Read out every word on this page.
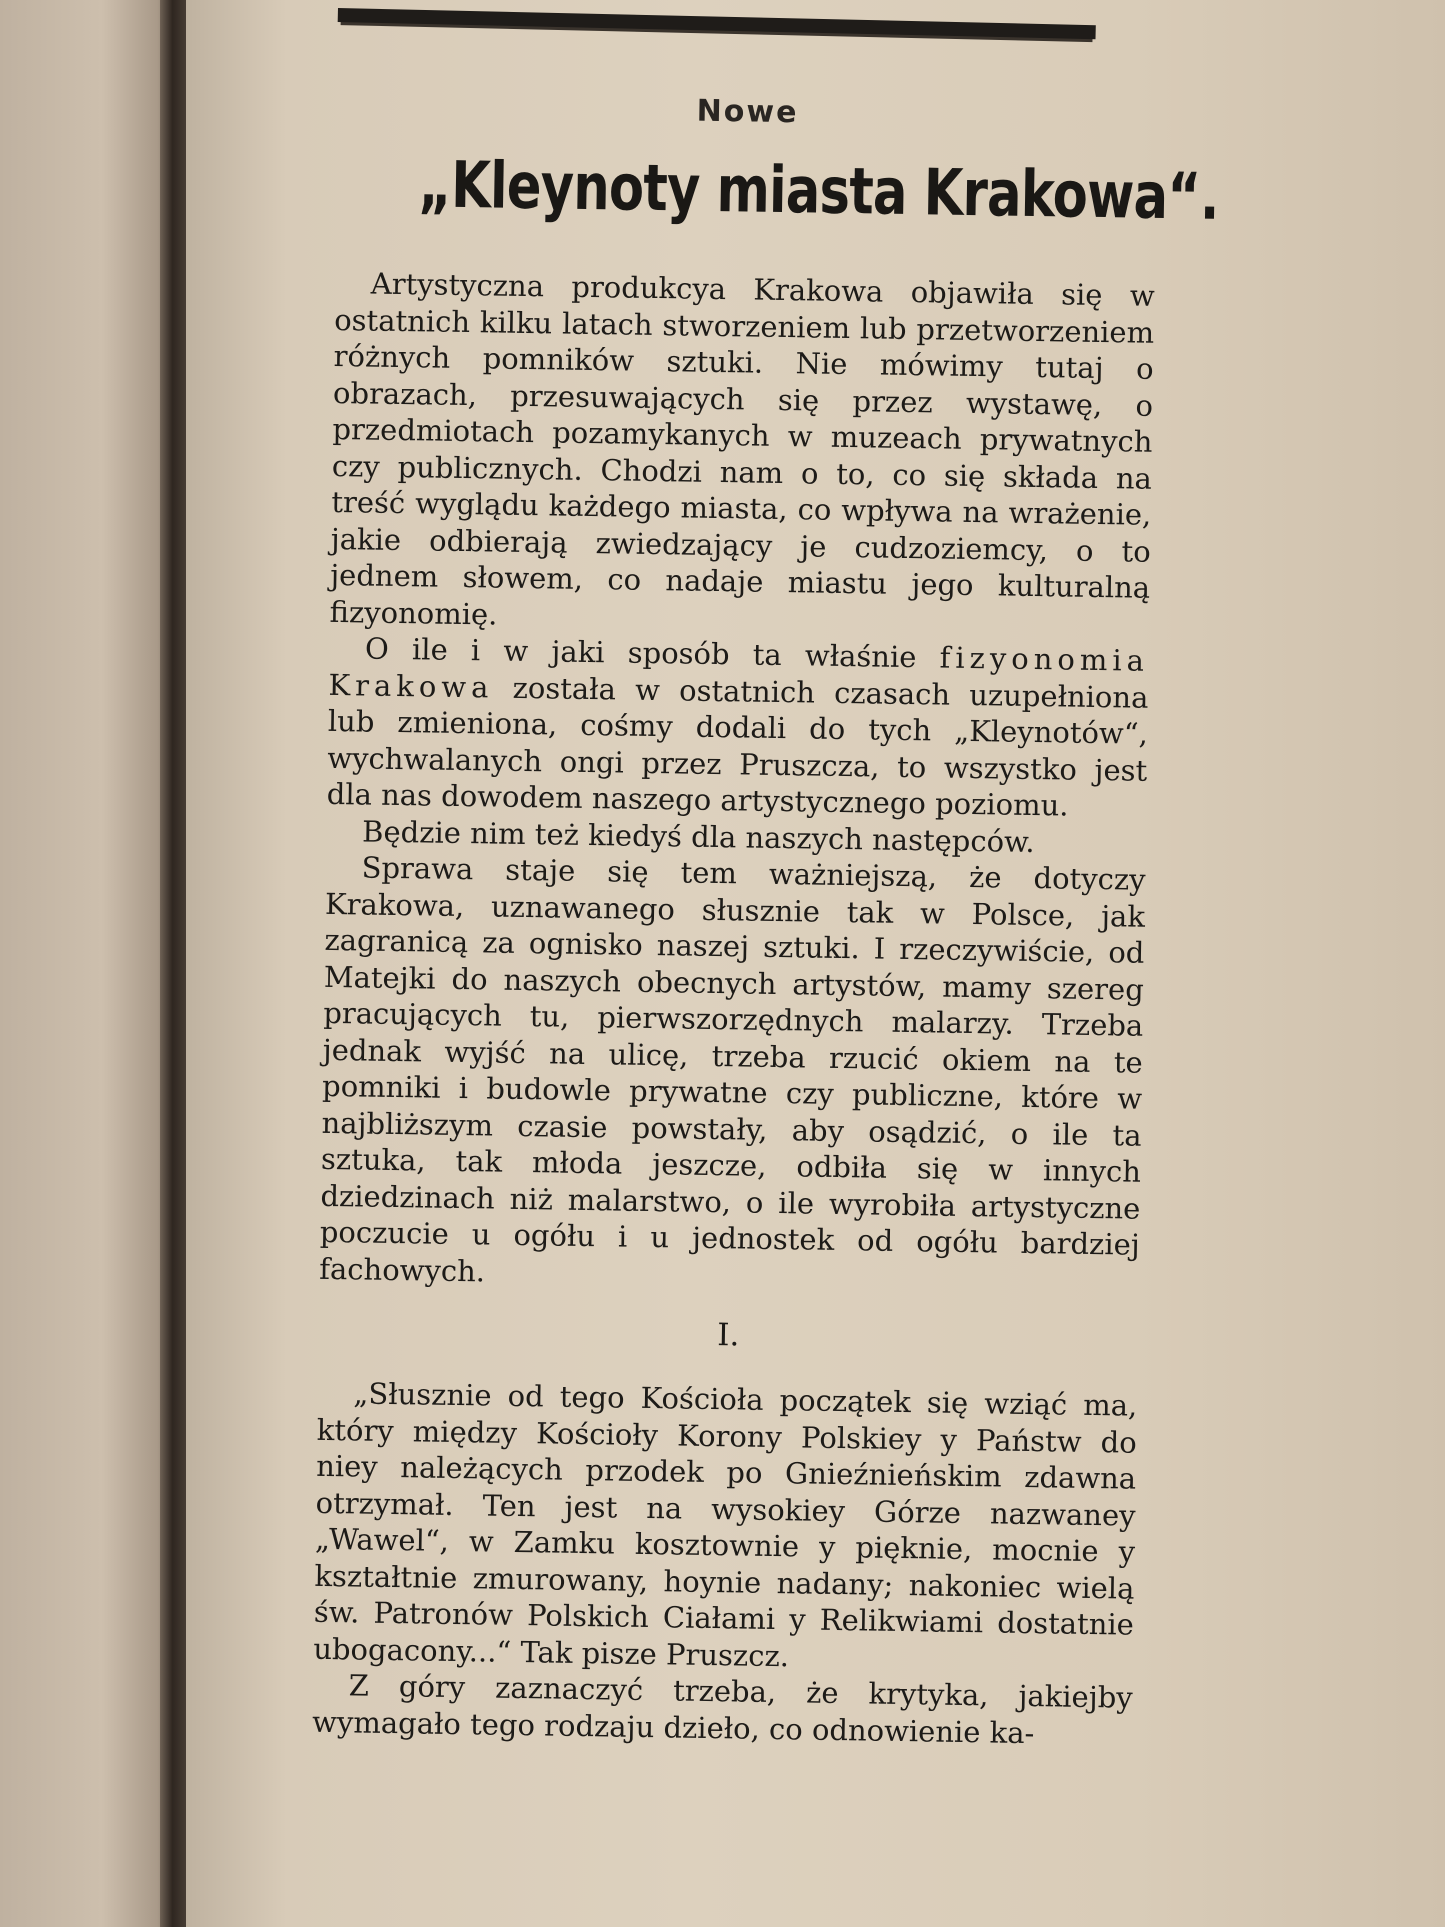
Nowe
„Kleynoty miasta Krakowa“.

Artystyczna produkcya Krakowa objawiła się w ostatnich kilku latach stworzeniem lub przetworzeniem różnych pomników sztuki. Nie mówimy tutaj o obrazach, przesuwających się przez wystawę, o przedmiotach pozamykanych w muzeach prywatnych czy publicznych. Chodzi nam o to, co się składa na treść wyglądu każdego miasta, co wpływa na wrażenie, jakie odbierają zwiedzający je cudzoziemcy, o to jednem słowem, co nadaje miastu jego kulturalną fizyonomię.

O ile i w jaki sposób ta właśnie fizyonomia Krakowa została w ostatnich czasach uzupełniona lub zmieniona, cośmy dodali do tych „Kleynotów“, wychwalanych ongi przez Pruszcza, to wszystko jest dla nas dowodem naszego artystycznego poziomu.

Będzie nim też kiedyś dla naszych następców.

Sprawa staje się tem ważniejszą, że dotyczy Krakowa, uznawanego słusznie tak w Polsce, jak zagranicą za ognisko naszej sztuki. I rzeczywiście, od Matejki do naszych obecnych artystów, mamy szereg pracujących tu, pierwszorzędnych malarzy. Trzeba jednak wyjść na ulicę, trzeba rzucić okiem na te pomniki i budowle prywatne czy publiczne, które w najbliższym czasie powstały, aby osądzić, o ile ta sztuka, tak młoda jeszcze, odbiła się w innych dziedzinach niż malarstwo, o ile wyrobiła artystyczne poczucie u ogółu i u jednostek od ogółu bardziej fachowych.

I.

„Słusznie od tego Kościoła początek się wziąć ma, który między Kościoły Korony Polskiey y Państw do niey należących przodek po Gnieźnieńskim zdawna otrzymał. Ten jest na wysokiey Górze nazwaney „Wawel“, w Zamku kosztownie y pięknie, mocnie y kształtnie zmurowany, hoynie nadany; nakoniec wielą św. Patronów Polskich Ciałami y Relikwiami dostatnie ubogacony...“ Tak pisze Pruszcz.

Z góry zaznaczyć trzeba, że krytyka, jakiejby wymagało tego rodzaju dzieło, co odnowienie ka-
